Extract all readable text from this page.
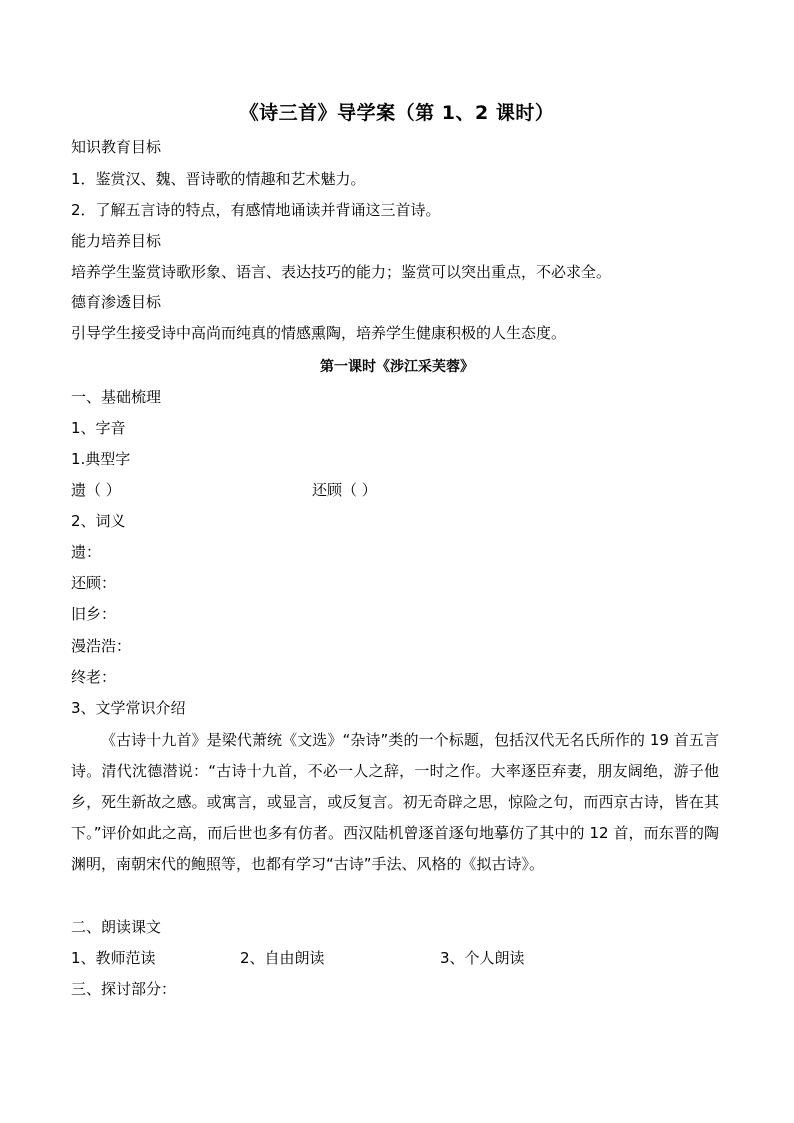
《诗三首》导学案（第 1、2 课时）
知识教育目标
1．鉴赏汉、魏、晋诗歌的情趣和艺术魅力。
2．了解五言诗的特点，有感情地诵读并背诵这三首诗。
能力培养目标
培养学生鉴赏诗歌形象、语言、表达技巧的能力；鉴赏可以突出重点，不必求全。
德育渗透目标
引导学生接受诗中高尚而纯真的情感熏陶，培养学生健康积极的人生态度。
第一课时《涉江采芙蓉》
一、基础梳理
1、字音
1.典型字
遗（ ）	还顾（ ）
2、词义
遗：
还顾：
旧乡：
漫浩浩：
终老：
3、文学常识介绍
《古诗十九首》是梁代萧统《文选》“杂诗”类的一个标题，包括汉代无名氏所作的 19 首五言诗。清代沈德潜说：“古诗十九首，不必一人之辞，一时之作。大率逐臣弃妻，朋友阔绝，游子他乡，死生新故之感。或寓言，或显言，或反复言。初无奇辟之思，惊险之句，而西京古诗，皆在其下。”评价如此之高，而后世也多有仿者。西汉陆机曾逐首逐句地摹仿了其中的 12 首，而东晋的陶渊明，南朝宋代的鲍照等，也都有学习“古诗”手法、风格的《拟古诗》。
二、朗读课文
1、教师范读	2、自由朗读	3、个人朗读
三、探讨部分：
